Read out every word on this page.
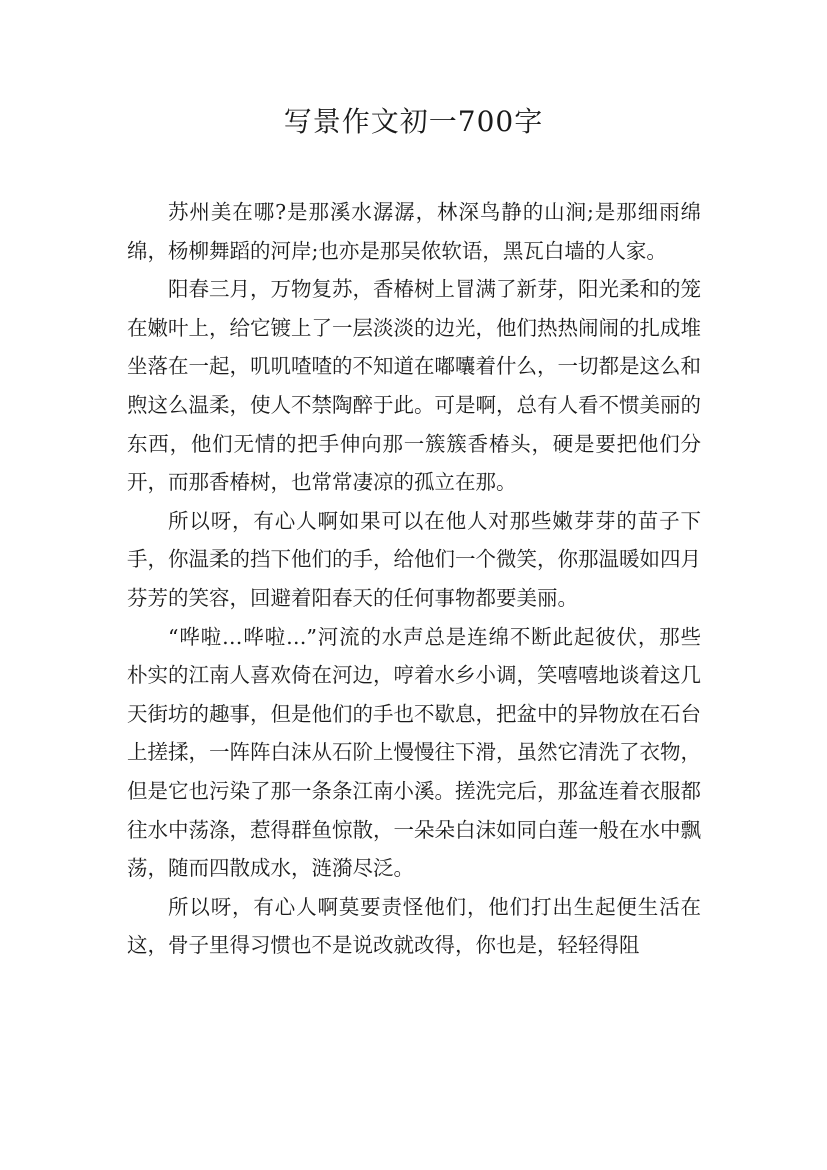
写景作文初一700字

苏州美在哪?是那溪水潺潺，林深鸟静的山涧;是那细雨绵绵，杨柳舞蹈的河岸;也亦是那吴侬软语，黑瓦白墙的人家。

阳春三月，万物复苏，香椿树上冒满了新芽，阳光柔和的笼在嫩叶上，给它镀上了一层淡淡的边光，他们热热闹闹的扎成堆坐落在一起，叽叽喳喳的不知道在嘟囔着什么，一切都是这么和煦这么温柔，使人不禁陶醉于此。可是啊，总有人看不惯美丽的东西，他们无情的把手伸向那一簇簇香椿头，硬是要把他们分开，而那香椿树，也常常凄凉的孤立在那。

所以呀，有心人啊如果可以在他人对那些嫩芽芽的苗子下手，你温柔的挡下他们的手，给他们一个微笑，你那温暖如四月芬芳的笑容，回避着阳春天的任何事物都要美丽。

“哗啦…哗啦…”河流的水声总是连绵不断此起彼伏，那些朴实的江南人喜欢倚在河边，哼着水乡小调，笑嘻嘻地谈着这几天街坊的趣事，但是他们的手也不歇息，把盆中的异物放在石台上搓揉，一阵阵白沫从石阶上慢慢往下滑，虽然它清洗了衣物，但是它也污染了那一条条江南小溪。搓洗完后，那盆连着衣服都往水中荡涤，惹得群鱼惊散，一朵朵白沫如同白莲一般在水中飘荡，随而四散成水，涟漪尽泛。

所以呀，有心人啊莫要责怪他们，他们打出生起便生活在这，骨子里得习惯也不是说改就改得，你也是，轻轻得阻
